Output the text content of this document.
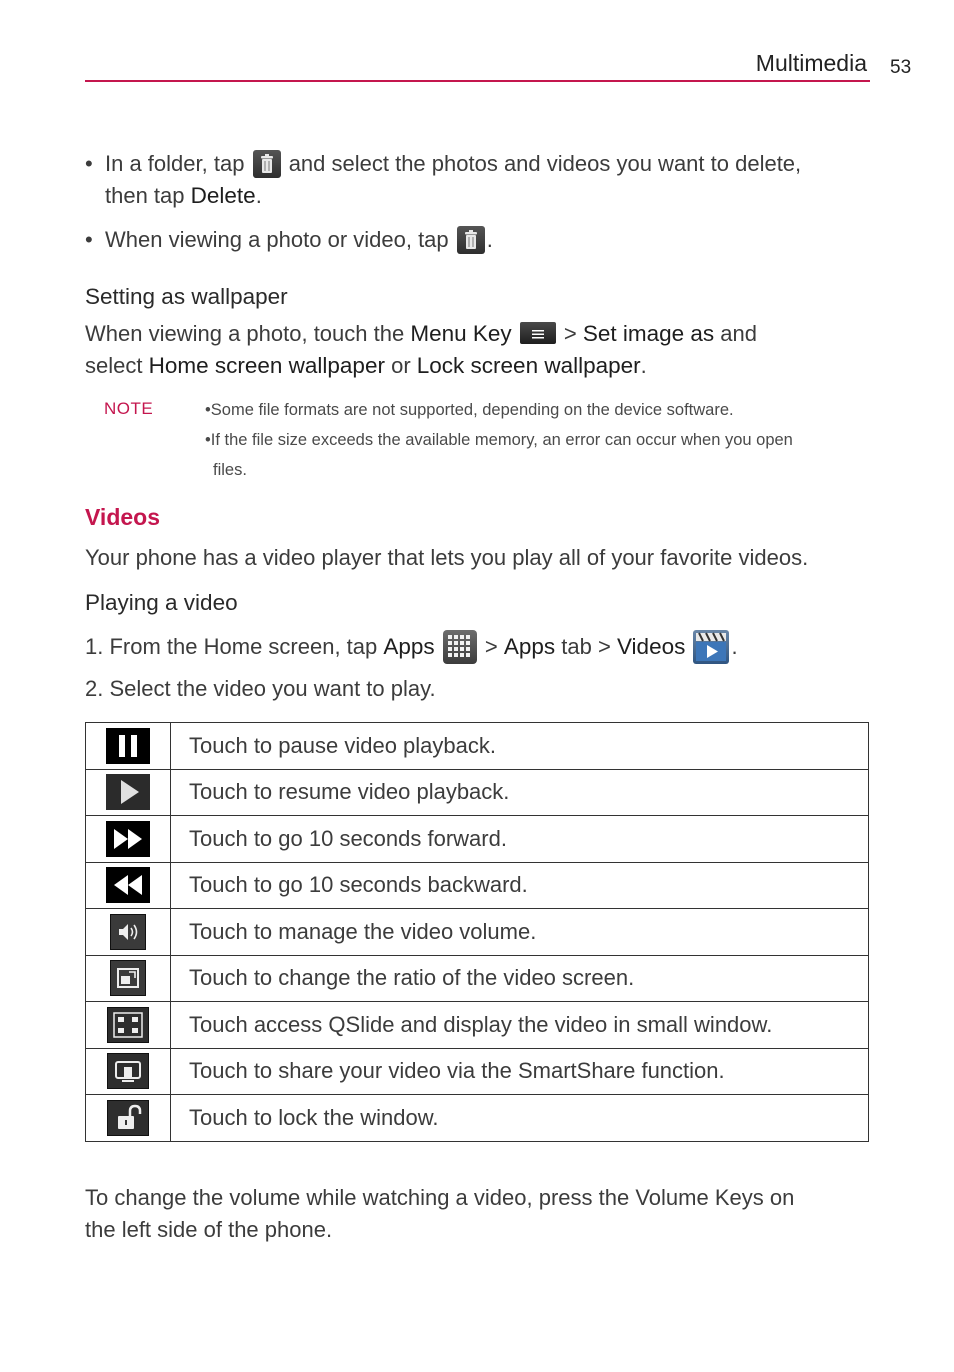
Multimedia 53
• In a folder, tap and select the photos and videos you want to delete,
then tap Delete.
• When viewing a photo or video, tap .
Setting as wallpaper
When viewing a photo, touch the Menu Key  > Set image as and
select Home screen wallpaper or Lock screen wallpaper.
NOTE	•Some file formats are not supported, depending on the device software.
•If the file size exceeds the available memory, an error can occur when you open
files.
Videos
Your phone has a video player that lets you play all of your favorite videos.
Playing a video
1. From the Home screen, tap Apps  > Apps tab > Videos .
2. Select the video you want to play.
	Touch to pause video playback.

	Touch to resume video playback.

	Touch to go 10 seconds forward.

	Touch to go 10 seconds backward.

	Touch to manage the video volume.

	Touch to change the ratio of the video screen.

	Touch access QSlide and display the video in small window.

	Touch to share your video via the SmartShare function.

	Touch to lock the window.
To change the volume while watching a video, press the Volume Keys on
the left side of the phone.
